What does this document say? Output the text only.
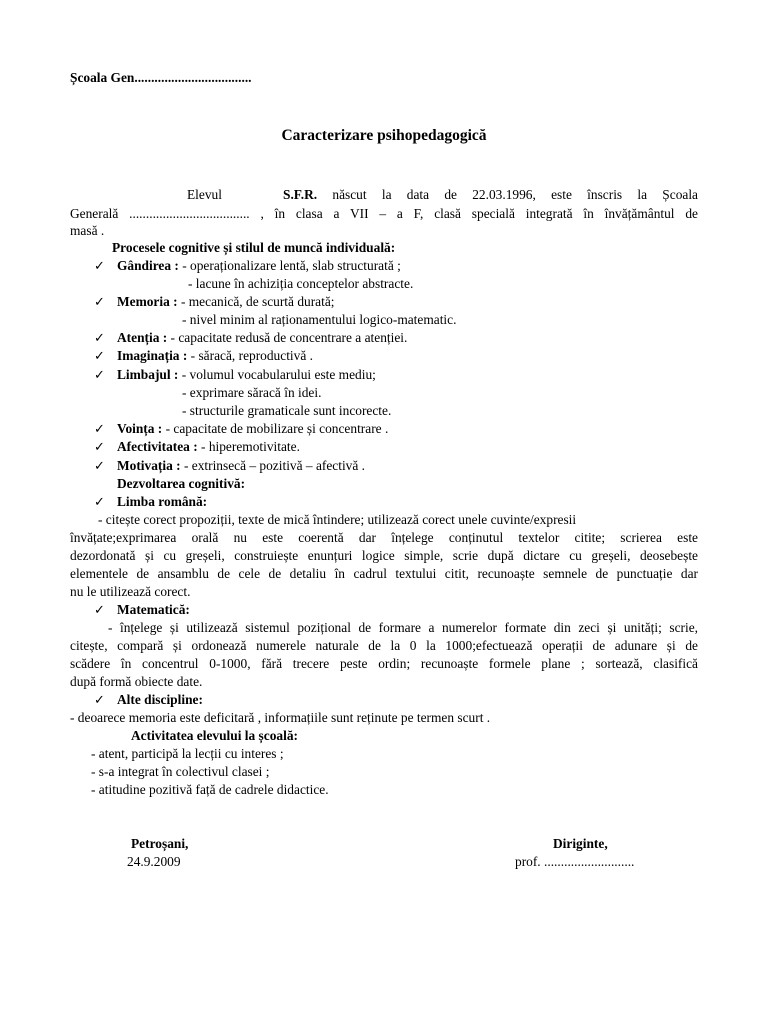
Școala Gen...................................
Caracterizare psihopedagogică
Elevul	S.F.R. născut la data de 22.03.1996, este înscris la Școala
Generală .................................... , în clasa a VII – a F, clasă specială integrată în învățământul de
masă .
Procesele cognitive și stilul de muncă individuală:
✓ Gândirea : - operaționalizare lentă, slab structurată ;
- lacune în achiziția conceptelor abstracte.
✓ Memoria : - mecanică, de scurtă durată;
- nivel minim al raționamentului logico-matematic.
✓ Atenția : - capacitate redusă de concentrare a atenției.
✓ Imaginația : - săracă, reproductivă .
✓ Limbajul : - volumul vocabularului este mediu;
- exprimare săracă în idei.
- structurile gramaticale sunt incorecte.
✓ Voința : - capacitate de mobilizare și concentrare .
✓ Afectivitatea : - hiperemotivitate.
✓ Motivația : - extrinsecă – pozitivă – afectivă .
Dezvoltarea cognitivă:
✓ Limba română:
- citește corect propoziții, texte de mică întindere; utilizează corect unele cuvinte/expresii
învățate;exprimarea orală nu este coerentă dar înțelege conținutul textelor citite; scrierea este
dezordonată și cu greșeli, construiește enunțuri logice simple, scrie după dictare cu greșeli, deosebește
elementele de ansamblu de cele de detaliu în cadrul textului citit, recunoaște semnele de punctuație dar
nu le utilizează corect.
✓ Matematică:
- înțelege și utilizează sistemul pozițional de formare a numerelor formate din zeci și unități; scrie,
citește, compară și ordonează numerele naturale de la 0 la 1000;efectuează operații de adunare și de
scădere în concentrul 0-1000, fără trecere peste ordin; recunoaște formele plane ; sortează, clasifică
după formă obiecte date.
✓ Alte discipline:
- deoarece memoria este deficitară , informațiile sunt reținute pe termen scurt .
Activitatea elevului la școală:
- atent, participă la lecții cu interes ;
- s-a integrat în colectivul clasei ;
- atitudine pozitivă față de cadrele didactice.
Petroșani,
24.9.2009
Diriginte,
prof. ...........................
